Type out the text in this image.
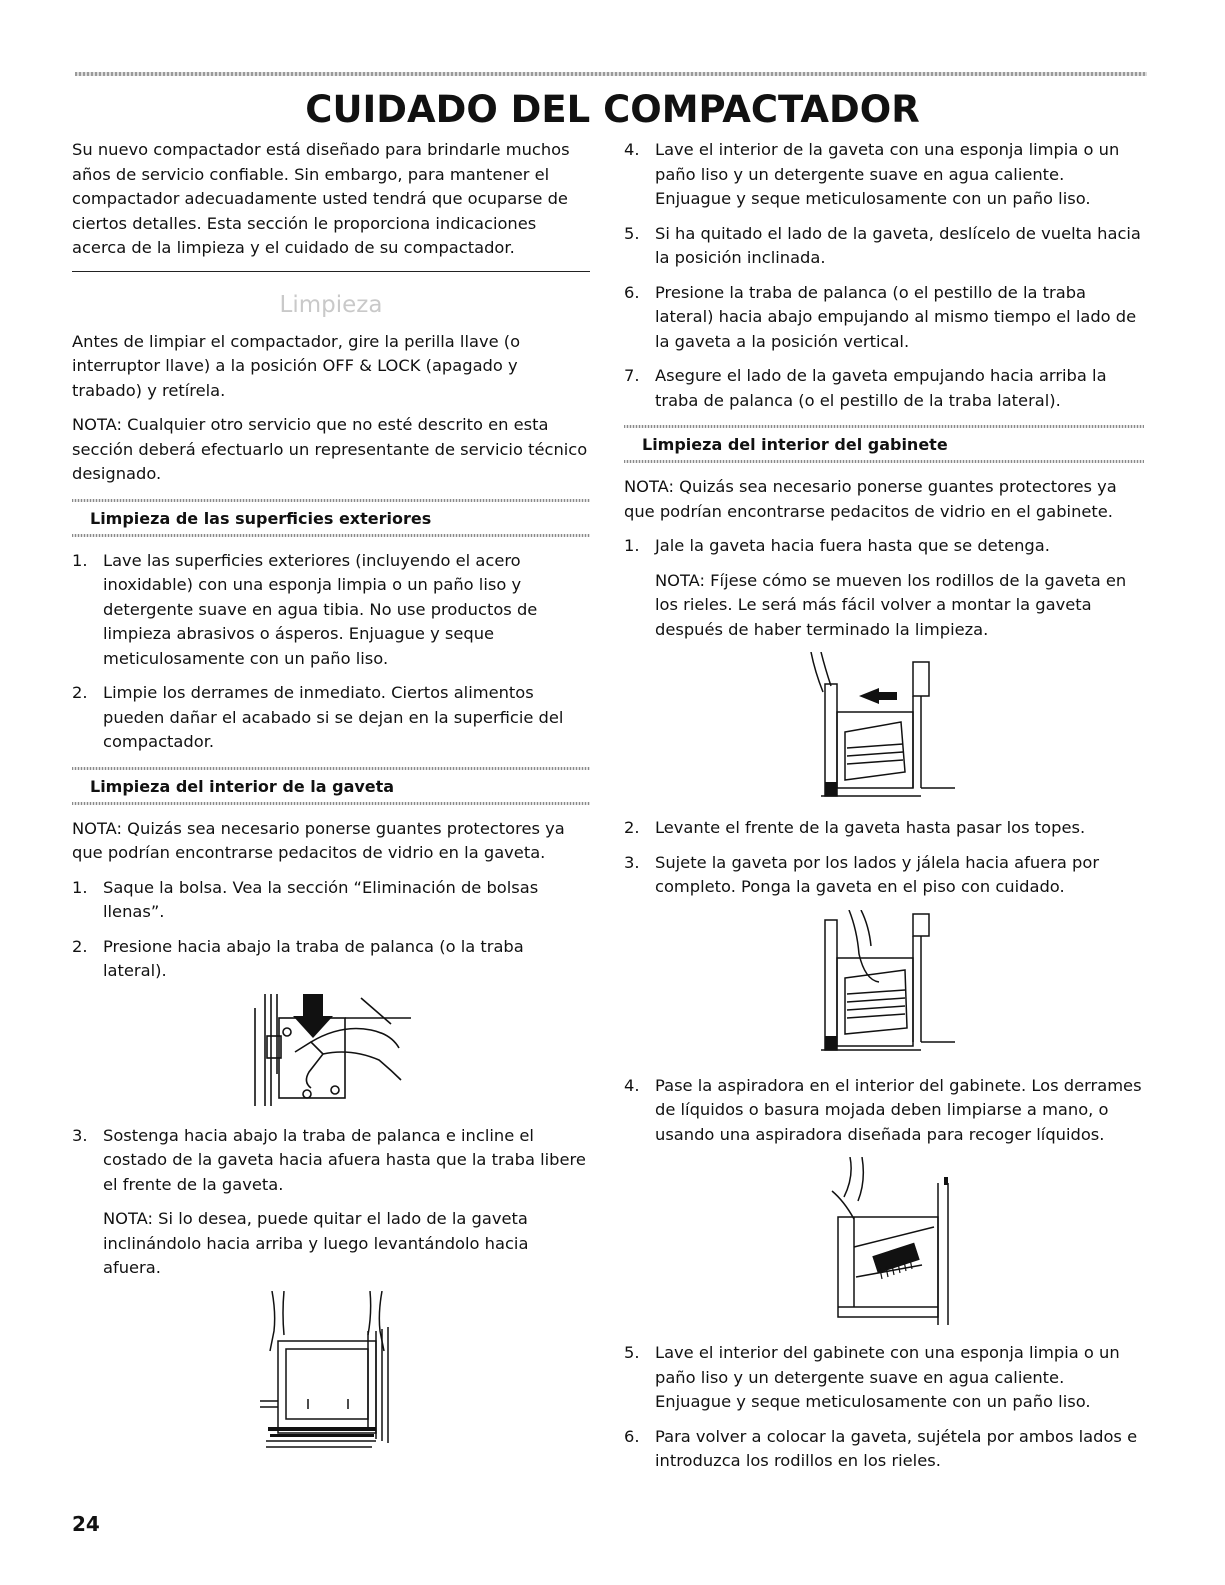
CUIDADO DEL COMPACTADOR

Su nuevo compactador está diseñado para brindarle muchos años de servicio confiable. Sin embargo, para mantener el compactador adecuadamente usted tendrá que ocuparse de ciertos detalles. Esta sección le proporciona indicaciones acerca de la limpieza y el cuidado de su compactador.

Limpieza

Antes de limpiar el compactador, gire la perilla llave (o interruptor llave) a la posición OFF & LOCK (apagado y trabado) y retírela.

NOTA: Cualquier otro servicio que no esté descrito en esta sección deberá efectuarlo un representante de servicio técnico designado.

Limpieza de las superficies exteriores
1. Lave las superficies exteriores (incluyendo el acero inoxidable) con una esponja limpia o un paño liso y detergente suave en agua tibia. No use productos de limpieza abrasivos o ásperos. Enjuague y seque meticulosamente con un paño liso.
2. Limpie los derrames de inmediato. Ciertos alimentos pueden dañar el acabado si se dejan en la superficie del compactador.
Limpieza del interior de la gaveta

NOTA: Quizás sea necesario ponerse guantes protectores ya que podrían encontrarse pedacitos de vidrio en la gaveta.

1. Saque la bolsa. Vea la sección “Eliminación de bolsas llenas”.
2. Presione hacia abajo la traba de palanca (o la traba lateral).
3. Sostenga hacia abajo la traba de palanca e incline el costado de la gaveta hacia afuera hasta que la traba libere el frente de la gaveta.
NOTA: Si lo desea, puede quitar el lado de la gaveta inclinándolo hacia arriba y luego levantándolo hacia afuera.
4. Lave el interior de la gaveta con una esponja limpia o un paño liso y un detergente suave en agua caliente. Enjuague y seque meticulosamente con un paño liso.
5. Si ha quitado el lado de la gaveta, deslícelo de vuelta hacia la posición inclinada.
6. Presione la traba de palanca (o el pestillo de la traba lateral) hacia abajo empujando al mismo tiempo el lado de la gaveta a la posición vertical.
7. Asegure el lado de la gaveta empujando hacia arriba la traba de palanca (o el pestillo de la traba lateral).
Limpieza del interior del gabinete

NOTA: Quizás sea necesario ponerse guantes protectores ya que podrían encontrarse pedacitos de vidrio en el gabinete.

1. Jale la gaveta hacia fuera hasta que se detenga.
NOTA: Fíjese cómo se mueven los rodillos de la gaveta en los rieles. Le será más fácil volver a montar la gaveta después de haber terminado la limpieza.
2. Levante el frente de la gaveta hasta pasar los topes.
3. Sujete la gaveta por los lados y jálela hacia afuera por completo. Ponga la gaveta en el piso con cuidado.
4. Pase la aspiradora en el interior del gabinete. Los derrames de líquidos o basura mojada deben limpiarse a mano, o usando una aspiradora diseñada para recoger líquidos.
5. Lave el interior del gabinete con una esponja limpia o un paño liso y un detergente suave en agua caliente. Enjuague y seque meticulosamente con un paño liso.
6. Para volver a colocar la gaveta, sujétela por ambos lados e introduzca los rodillos en los rieles.
24
